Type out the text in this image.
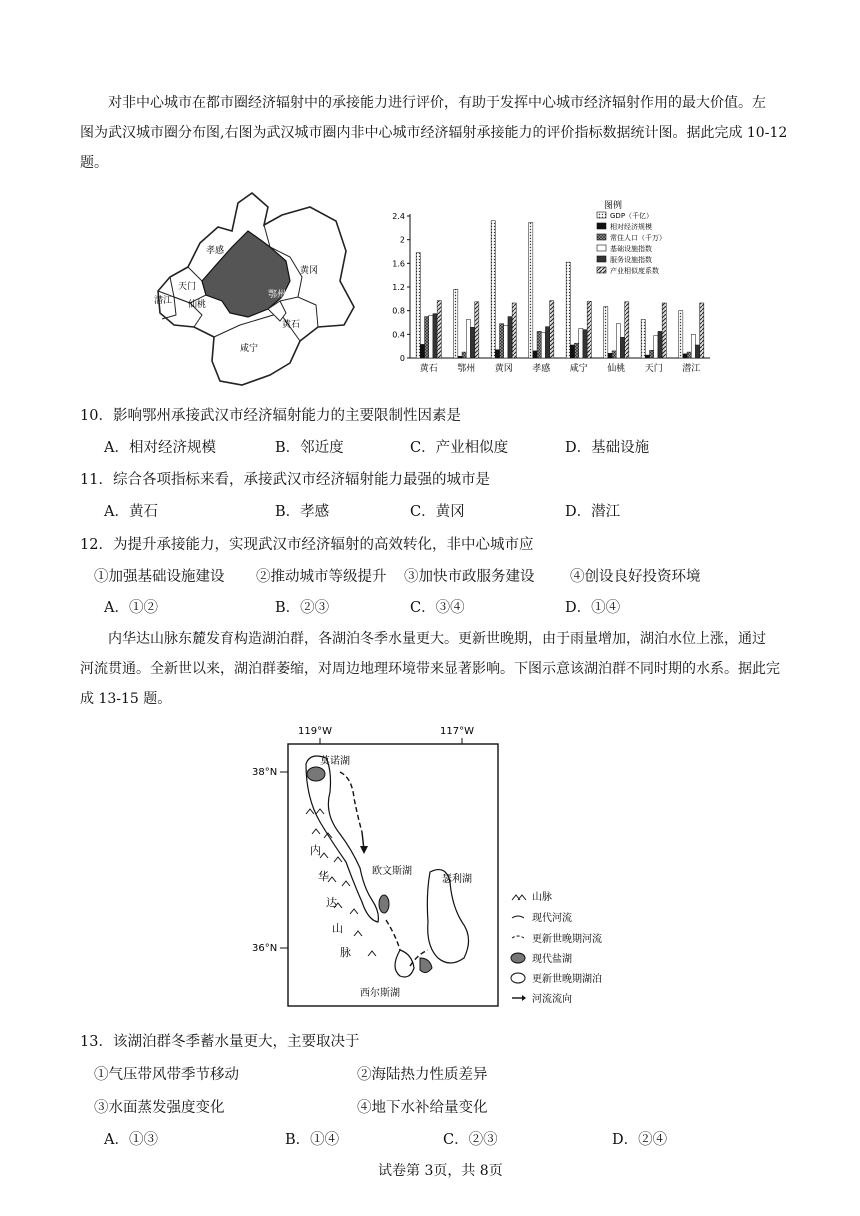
对非中心城市在都市圈经济辐射中的承接能力进行评价，有助于发挥中心城市经济辐射作用的最大价值。左
图为武汉城市圈分布图,右图为武汉城市圈内非中心城市经济辐射承接能力的评价指标数据统计图。据此完成 10-12
题。
孝感
黄冈
天门
潜江 仙桃
鄂州
黄石
咸宁
0
0.4
0.8
1.2
1.6
2
2.4
黄石 鄂州 黄冈 孝感 咸宁 仙桃 天门 潜江
图例
GDP（千亿）
相对经济规模
常住人口（千万）
基础设施指数
服务设施指数
产业相似度系数
10．影响鄂州承接武汉市经济辐射能力的主要限制性因素是
A．相对经济规模	B．邻近度	C．产业相似度	D．基础设施
11．综合各项指标来看，承接武汉市经济辐射能力最强的城市是
A．黄石	B．孝感	C．黄冈	D．潜江
12．为提升承接能力，实现武汉市经济辐射的高效转化，非中心城市应
①加强基础设施建设 ②推动城市等级提升 ③加快市政服务建设 ④创设良好投资环境
A．①②	B．②③	C．③④	D．①④
内华达山脉东麓发育构造湖泊群，各湖泊冬季水量更大。更新世晚期，由于雨量增加，湖泊水位上涨，通过
河流贯通。全新世以来，湖泊群萎缩，对周边地理环境带来显著影响。下图示意该湖泊群不同时期的水系。据此完
成 13-15 题。
119°W	117°W
38°N
36°N
内
华
达
山
脉
莫诺湖
欧文斯湖
瑟利湖
西尔斯湖
山脉
现代河流
更新世晚期河流
现代盐湖
更新世晚期湖泊
河流流向
13．该湖泊群冬季蓄水量更大，主要取决于
①气压带风带季节移动	②海陆热力性质差异
③水面蒸发强度变化	④地下水补给量变化
A．①③	B．①④	C．②③	D．②④
试卷第 3页，共 8页
